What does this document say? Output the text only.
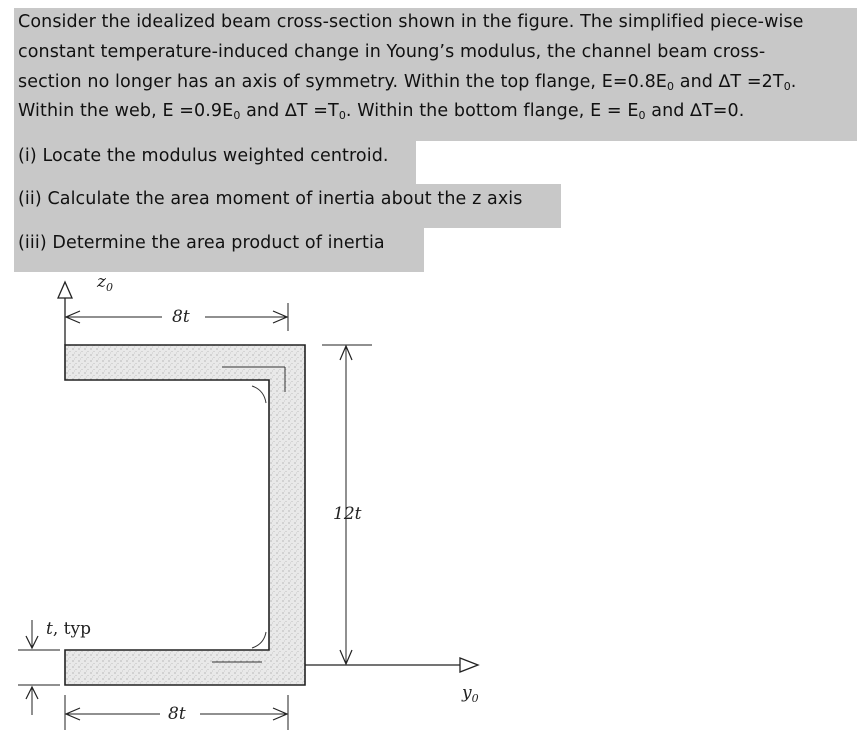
Consider the idealized beam cross-section shown in the figure. The simplified piece-wise
constant temperature-induced change in Young’s modulus, the channel beam cross-
section no longer has an axis of symmetry. Within the top flange, E=0.8E0 and ∆T =2T0.
Within the web, E =0.9E0 and ∆T =T0. Within the bottom flange, E = E0 and ∆T=0.
(i) Locate the modulus weighted centroid.
(ii) Calculate the area moment of inertia about the z axis
(iii) Determine the area product of inertia
$z_0$
8t
12t
$y_0$
t, typ
8t
